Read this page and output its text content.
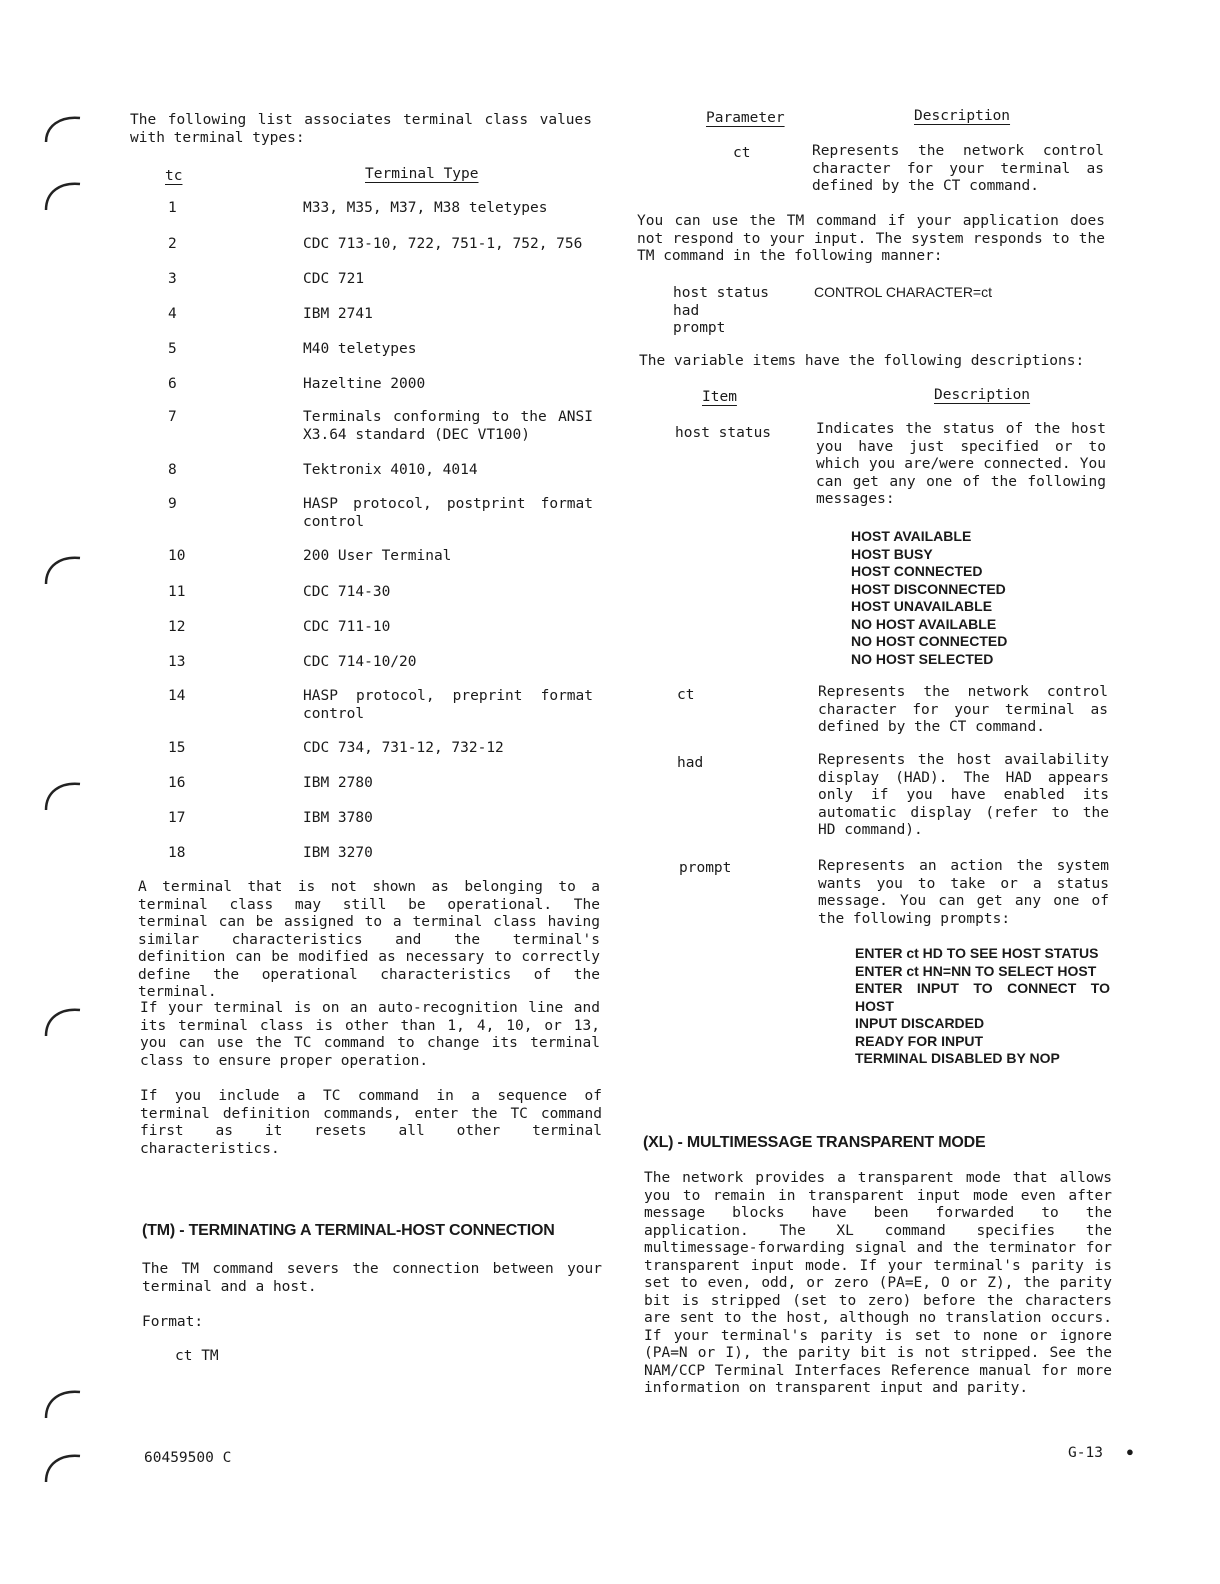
The following list associates terminal class values with terminal types:

tc	Terminal Type
1	M33, M35, M37, M38 teletypes
2	CDC 713-10, 722, 751-1, 752, 756
3	CDC 721
4	IBM 2741
5	M40 teletypes
6	Hazeltine 2000
7	Terminals conforming to the ANSI X3.64 standard (DEC VT100)
8	Tektronix 4010, 4014
9	HASP protocol, postprint format control
10	200 User Terminal
11	CDC 714-30
12	CDC 711-10
13	CDC 714-10/20
14	HASP protocol, preprint format control
15	CDC 734, 731-12, 732-12
16	IBM 2780
17	IBM 3780
18	IBM 3270

A terminal that is not shown as belonging to a terminal class may still be operational. The terminal can be assigned to a terminal class having similar characteristics and the terminal's definition can be modified as necessary to correctly define the operational characteristics of the terminal.

If your terminal is on an auto-recognition line and its terminal class is other than 1, 4, 10, or 13, you can use the TC command to change its terminal class to ensure proper operation.

If you include a TC command in a sequence of terminal definition commands, enter the TC command first as it resets all other terminal characteristics.

(TM) - TERMINATING A TERMINAL-HOST CONNECTION

The TM command severs the connection between your terminal and a host.

Format:
ct TM
60459500 C
Parameter	Description
ct	Represents the network control character for your terminal as defined by the CT command.

You can use the TM command if your application does not respond to your input. The system responds to the TM command in the following manner:

host status
had
prompt
CONTROL CHARACTER=ct

The variable items have the following descriptions:

Item	Description
host status	Indicates the status of the host you have just specified or to which you are/were connected. You can get any one of the following messages:

HOST AVAILABLE
HOST BUSY
HOST CONNECTED
HOST DISCONNECTED
HOST UNAVAILABLE
NO HOST AVAILABLE
NO HOST CONNECTED
NO HOST SELECTED
ct	Represents the network control character for your terminal as defined by the CT command.

had	Represents the host availability display (HAD). The HAD appears only if you have enabled its automatic display (refer to the HD command).

prompt	Represents an action the system wants you to take or a status message. You can get any one of the following prompts:

ENTER ct HD TO SEE HOST STATUS
ENTER ct HN=NN TO SELECT HOST
ENTER INPUT TO CONNECT TO HOST
INPUT DISCARDED
READY FOR INPUT
TERMINAL DISABLED BY NOP
(XL) - MULTIMESSAGE TRANSPARENT MODE

The network provides a transparent mode that allows you to remain in transparent input mode even after message blocks have been forwarded to the application. The XL command specifies the multimessage-forwarding signal and the terminator for transparent input mode. If your terminal's parity is set to even, odd, or zero (PA=E, O or Z), the parity bit is stripped (set to zero) before the characters are sent to the host, although no translation occurs. If your terminal's parity is set to none or ignore (PA=N or I), the parity bit is not stripped. See the NAM/CCP Terminal Interfaces Reference manual for more information on transparent input and parity.

G-13 ●
